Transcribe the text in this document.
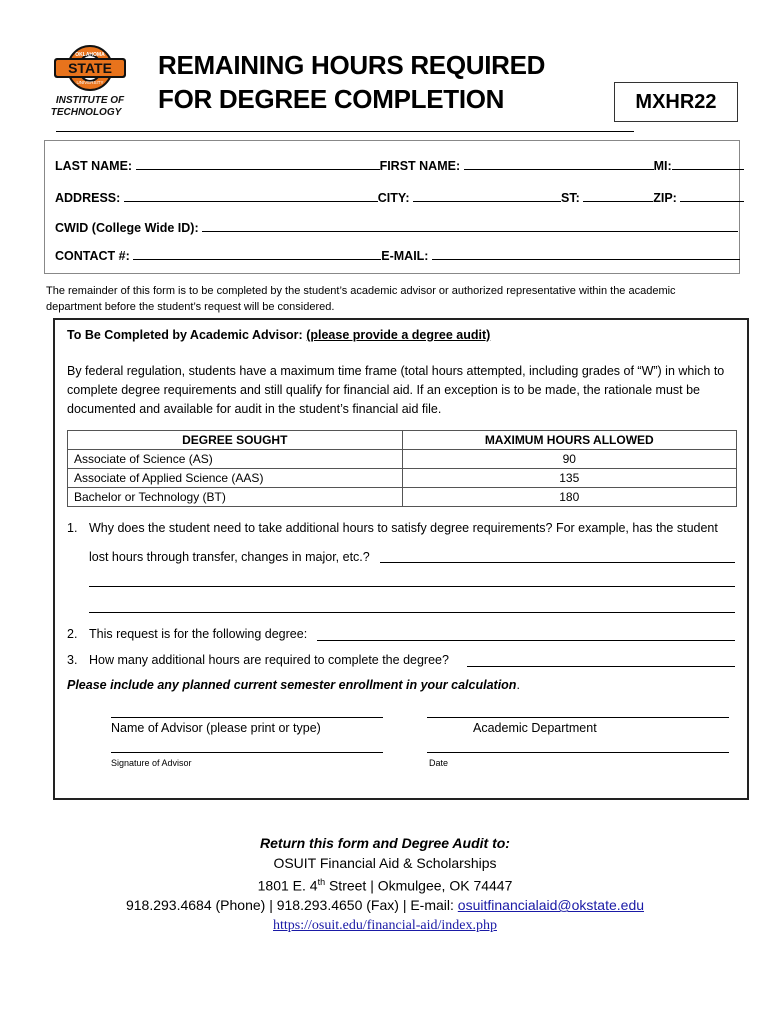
STATE
OKLAHOMA
UNIVERSITY
INSTITUTE OF
TECHNOLOGY
REMAINING HOURS REQUIRED
FOR DEGREE COMPLETION	MXHR22
LAST NAME:	FIRST NAME:	MI:
ADDRESS:	CITY:	ST:	ZIP:
CWID (College Wide ID):
CONTACT #:	E-MAIL:
The remainder of this form is to be completed by the student’s academic advisor or authorized representative within the academic department before the student’s request will be considered.
To Be Completed by Academic Advisor: (please provide a degree audit)
By federal regulation, students have a maximum time frame (total hours attempted, including grades of “W”) in which to complete degree requirements and still qualify for financial aid. If an exception is to be made, the rationale must be documented and available for audit in the student’s financial aid file.
DEGREE SOUGHT	MAXIMUM HOURS ALLOWED
Associate of Science (AS)	90
Associate of Applied Science (AAS)	135
Bachelor or Technology (BT)	180
1. Why does the student need to take additional hours to satisfy degree requirements? For example, has the student
lost hours through transfer, changes in major, etc.?
2. This request is for the following degree:
3. How many additional hours are required to complete the degree?
Please include any planned current semester enrollment in your calculation.
Name of Advisor (please print or type)	Academic Department
Signature of Advisor	Date
Return this form and Degree Audit to:
OSUIT Financial Aid & Scholarships
1801 E. 4th Street | Okmulgee, OK 74447
918.293.4684 (Phone) | 918.293.4650 (Fax) | E-mail: osuitfinancialaid@okstate.edu
https://osuit.edu/financial-aid/index.php
